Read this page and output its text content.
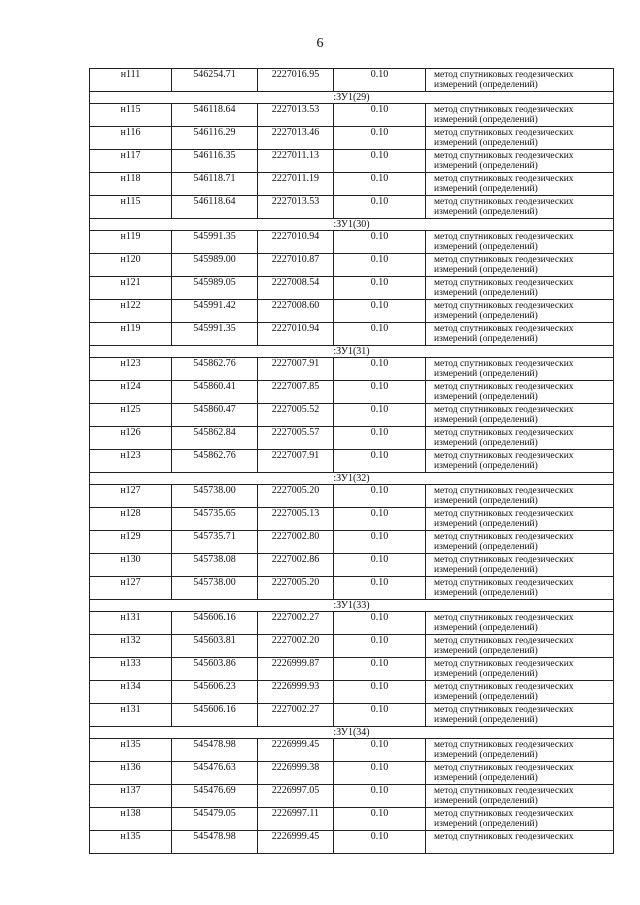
6
н111	546254.71	2227016.95	0.10	метод спутниковых геодезических измерений (определений)
:ЗУ1(29)				
н115	546118.64	2227013.53	0.10	метод спутниковых геодезических измерений (определений)
н116	546116.29	2227013.46	0.10	метод спутниковых геодезических измерений (определений)
н117	546116.35	2227011.13	0.10	метод спутниковых геодезических измерений (определений)
н118	546118.71	2227011.19	0.10	метод спутниковых геодезических измерений (определений)
н115	546118.64	2227013.53	0.10	метод спутниковых геодезических измерений (определений)
:ЗУ1(30)				
н119	545991.35	2227010.94	0.10	метод спутниковых геодезических измерений (определений)
н120	545989.00	2227010.87	0.10	метод спутниковых геодезических измерений (определений)
н121	545989.05	2227008.54	0.10	метод спутниковых геодезических измерений (определений)
н122	545991.42	2227008.60	0.10	метод спутниковых геодезических измерений (определений)
н119	545991.35	2227010.94	0.10	метод спутниковых геодезических измерений (определений)
:ЗУ1(31)				
н123	545862.76	2227007.91	0.10	метод спутниковых геодезических измерений (определений)
н124	545860.41	2227007.85	0.10	метод спутниковых геодезических измерений (определений)
н125	545860.47	2227005.52	0.10	метод спутниковых геодезических измерений (определений)
н126	545862.84	2227005.57	0.10	метод спутниковых геодезических измерений (определений)
н123	545862.76	2227007.91	0.10	метод спутниковых геодезических измерений (определений)
:ЗУ1(32)				
н127	545738.00	2227005.20	0.10	метод спутниковых геодезических измерений (определений)
н128	545735.65	2227005.13	0.10	метод спутниковых геодезических измерений (определений)
н129	545735.71	2227002.80	0.10	метод спутниковых геодезических измерений (определений)
н130	545738.08	2227002.86	0.10	метод спутниковых геодезических измерений (определений)
н127	545738.00	2227005.20	0.10	метод спутниковых геодезических измерений (определений)
:ЗУ1(33)				
н131	545606.16	2227002.27	0.10	метод спутниковых геодезических измерений (определений)
н132	545603.81	2227002.20	0.10	метод спутниковых геодезических измерений (определений)
н133	545603.86	2226999.87	0.10	метод спутниковых геодезических измерений (определений)
н134	545606.23	2226999.93	0.10	метод спутниковых геодезических измерений (определений)
н131	545606.16	2227002.27	0.10	метод спутниковых геодезических измерений (определений)
:ЗУ1(34)				
н135	545478.98	2226999.45	0.10	метод спутниковых геодезических измерений (определений)
н136	545476.63	2226999.38	0.10	метод спутниковых геодезических измерений (определений)
н137	545476.69	2226997.05	0.10	метод спутниковых геодезических измерений (определений)
н138	545479.05	2226997.11	0.10	метод спутниковых геодезических измерений (определений)
н135	545478.98	2226999.45	0.10	метод спутниковых геодезических
